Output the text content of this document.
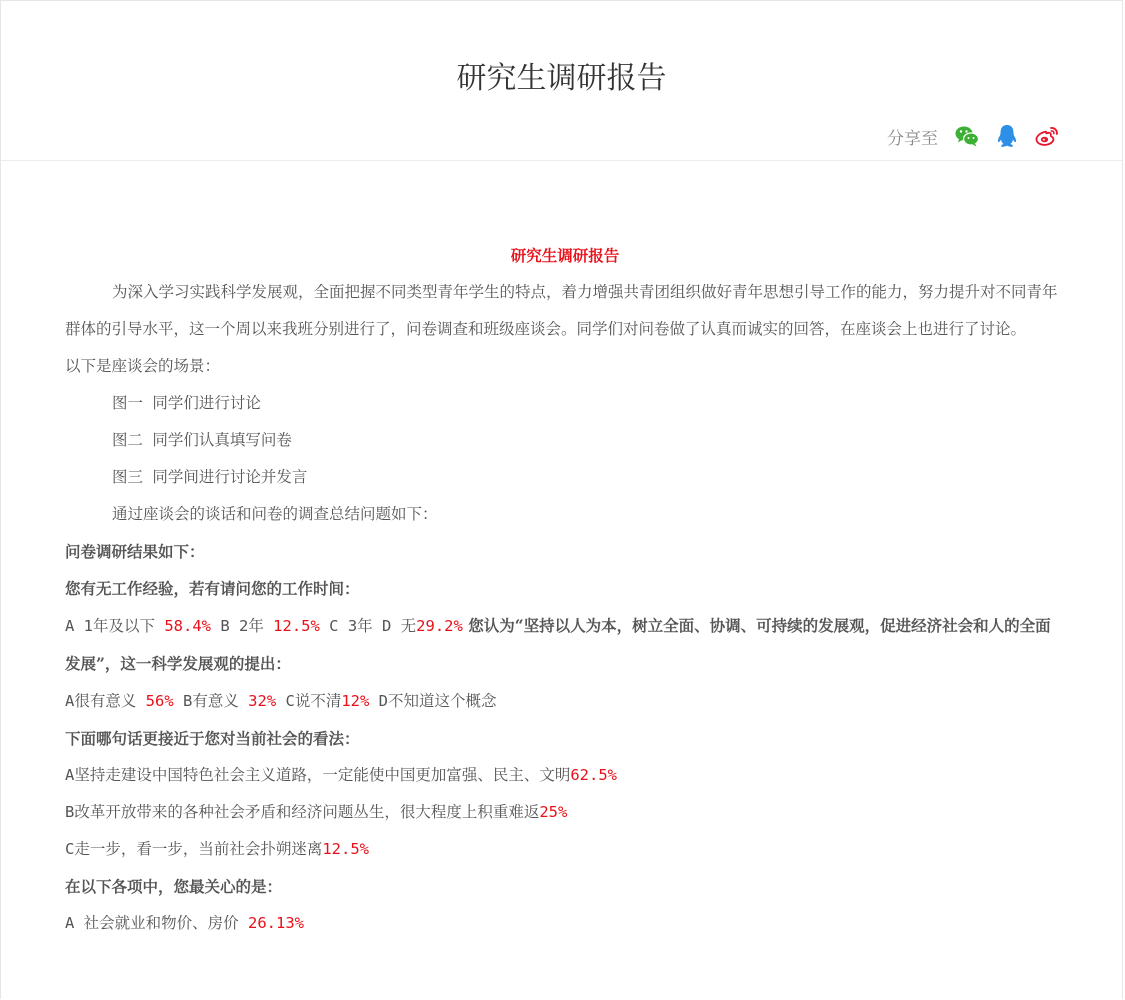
研究生调研报告
分享至

研究生调研报告

为深入学习实践科学发展观，全面把握不同类型青年学生的特点，着力增强共青团组织做好青年思想引导工作的能力，努力提升对不同青年群体的引导水平，这一个周以来我班分别进行了，问卷调查和班级座谈会。同学们对问卷做了认真而诚实的回答，在座谈会上也进行了讨论。

以下是座谈会的场景：

图一 同学们进行讨论

图二 同学们认真填写问卷

图三 同学间进行讨论并发言

通过座谈会的谈话和问卷的调查总结问题如下：

问卷调研结果如下：

您有无工作经验，若有请问您的工作时间：

A 1年及以下 58.4% B 2年 12.5% C 3年 D 无29.2% 您认为“坚持以人为本，树立全面、协调、可持续的发展观，促进经济社会和人的全面发展”，这一科学发展观的提出：

A很有意义 56% B有意义 32% C说不清12% D不知道这个概念

下面哪句话更接近于您对当前社会的看法：

A坚持走建设中国特色社会主义道路，一定能使中国更加富强、民主、文明62.5%

B改革开放带来的各种社会矛盾和经济问题丛生，很大程度上积重难返25%

C走一步，看一步，当前社会扑朔迷离12.5%

在以下各项中，您最关心的是：

A 社会就业和物价、房价 26.13%
